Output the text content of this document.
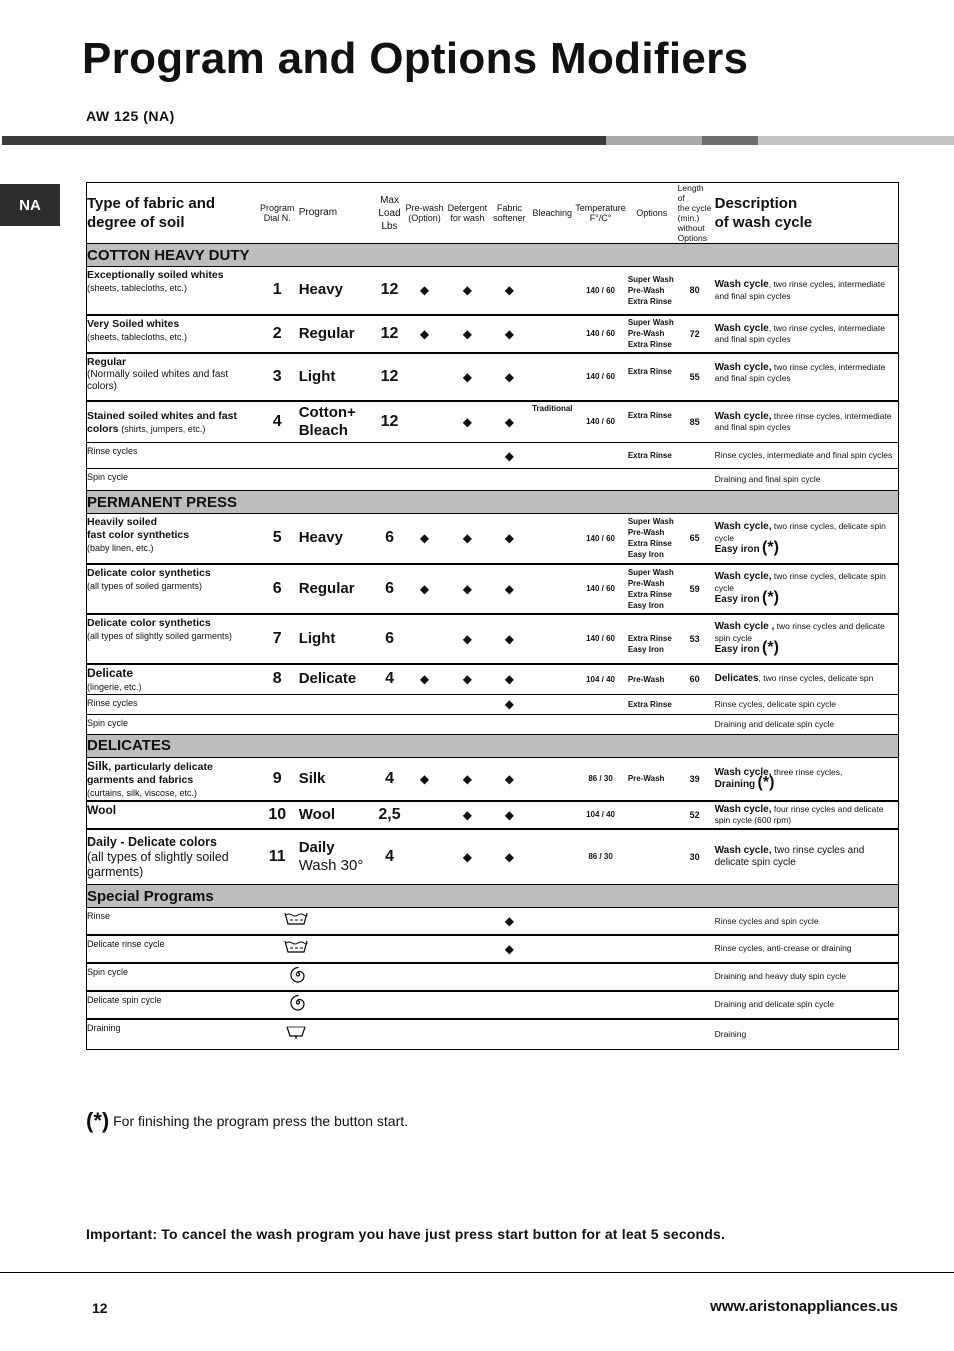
Program and Options Modifiers
AW 125 (NA)
NA	Type of fabric and
degree of soil	Program
Dial N.	Program	Max
Load
Lbs	Pre-wash
(Option)	Detergent
for wash	Fabric
softener	Bleaching	Temperature
F°/C°	Options	Length of
the cycle
(min.)
without
Options	Description
of wash cycle
COTTON HEAVY DUTY											
Exceptionally soiled whites
(sheets, tablecloths, etc.)	1	Heavy	12	◆	◆	◆		140 / 60	Super Wash
Pre-Wash
Extra Rinse	80	Wash cycle, two rinse cycles, intermediate and final spin cycles
Very Soiled whites
(sheets, tablecloths, etc.)	2	Regular	12	◆	◆	◆		140 / 60	Super Wash
Pre-Wash
Extra Rinse	72	Wash cycle, two rinse cycles, intermediate and final spin cycles
Regular
(Normally soiled whites and fast colors)	3	Light	12		◆	◆		140 / 60	Extra Rinse	55	Wash cycle, two rinse cycles, intermediate and final spin cycles
Stained soiled whites and fast colors (shirts, jumpers, etc.)	4	Cotton+
Bleach	12		◆	◆	Traditional	140 / 60	Extra Rinse	85	Wash cycle, three rinse cycles, intermediate and final spin cycles
Rinse cycles						◆			Extra Rinse		Rinse cycles, intermediate and final spin cycles
Spin cycle											Draining and final spin cycle
PERMANENT PRESS											
Heavily soiled
fast color synthetics
(baby linen, etc.)	5	Heavy	6	◆	◆	◆		140 / 60	Super Wash
Pre-Wash
Extra Rinse
Easy Iron	65	Wash cycle, two rinse cycles, delicate spin cycle
Easy iron (*)
Delicate color synthetics
(all types of soiled garments)	6	Regular	6	◆	◆	◆		140 / 60	Super Wash
Pre-Wash
Extra Rinse
Easy Iron	59	Wash cycle, two rinse cycles, delicate spin cycle
Easy iron (*)
Delicate color synthetics
(all types of slightly soiled garments)	7	Light	6		◆	◆		140 / 60	Extra Rinse
Easy Iron	53	Wash cycle , two rinse cycles and delicate spin cycle
Easy iron (*)
Delicate
(lingerie, etc.)	8	Delicate	4	◆	◆	◆		104 / 40	Pre-Wash	60	Delicates, two rinse cycles, delicate spn
Rinse cycles						◆			Extra Rinse		Rinse cycles, delicate spin cycle
Spin cycle											Draining and delicate spin cycle
DELICATES											
Silk, particularly delicate garments and fabrics
(curtains, silk, viscose, etc.)	9	Silk	4	◆	◆	◆		86 / 30	Pre-Wash	39	Wash cycle, three rinse cycles,
Draining (*)
Wool	10	Wool	2,5		◆	◆		104 / 40		52	Wash cycle, four rinse cycles and delicate spin cycle (600 rpm)
Daily - Delicate colors
(all types of slightly soiled garments)	11	Daily
Wash 30°	4		◆	◆		86 / 30		30	Wash cycle, two rinse cycles and delicate spin cycle
Special Programs											
Rinse						◆					Rinse cycles and spin cycle
Delicate rinse cycle						◆					Rinse cycles, anti-crease or draining
Spin cycle											Draining and heavy duty spin cycle
Delicate spin cycle											Draining and delicate spin cycle
Draining											Draining
(*) For finishing the program press the button start.
Important: To cancel the wash program you have just press start button for at leat 5 seconds.
12	www.aristonappliances.us
